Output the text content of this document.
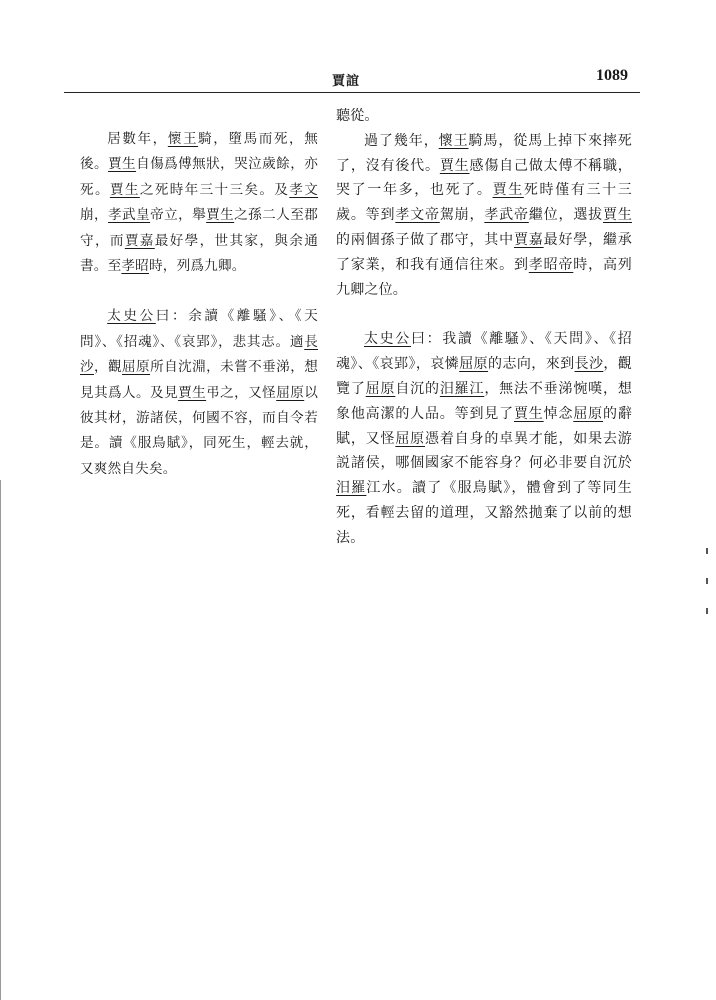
賈誼	1089

居數年，懷王騎，墮馬而死，無後。賈生自傷爲傅無狀，哭泣歲餘，亦死。賈生之死時年三十三矣。及孝文崩，孝武皇帝立，舉賈生之孫二人至郡守，而賈嘉最好學，世其家，與余通書。至孝昭時，列爲九卿。

太史公曰：余讀《離騷》、《天問》、《招魂》、《哀郢》，悲其志。適長沙，觀屈原所自沈淵，未嘗不垂涕，想見其爲人。及見賈生弔之，又怪屈原以彼其材，游諸侯，何國不容，而自令若是。讀《服鳥賦》，同死生，輕去就，又爽然自失矣。

聽從。

過了幾年，懷王騎馬，從馬上掉下來摔死了，沒有後代。賈生感傷自己做太傅不稱職，哭了一年多，也死了。賈生死時僅有三十三歲。等到孝文帝駕崩，孝武帝繼位，選拔賈生的兩個孫子做了郡守，其中賈嘉最好學，繼承了家業，和我有通信往來。到孝昭帝時，高列九卿之位。

太史公曰：我讀《離騷》、《天問》、《招魂》、《哀郢》，哀憐屈原的志向，來到長沙，觀覽了屈原自沉的汨羅江，無法不垂涕惋嘆，想象他高潔的人品。等到見了賈生悼念屈原的辭賦，又怪屈原憑着自身的卓異才能，如果去游説諸侯，哪個國家不能容身？何必非要自沉於汨羅江水。讀了《服鳥賦》，體會到了等同生死，看輕去留的道理，又豁然拋棄了以前的想法。
